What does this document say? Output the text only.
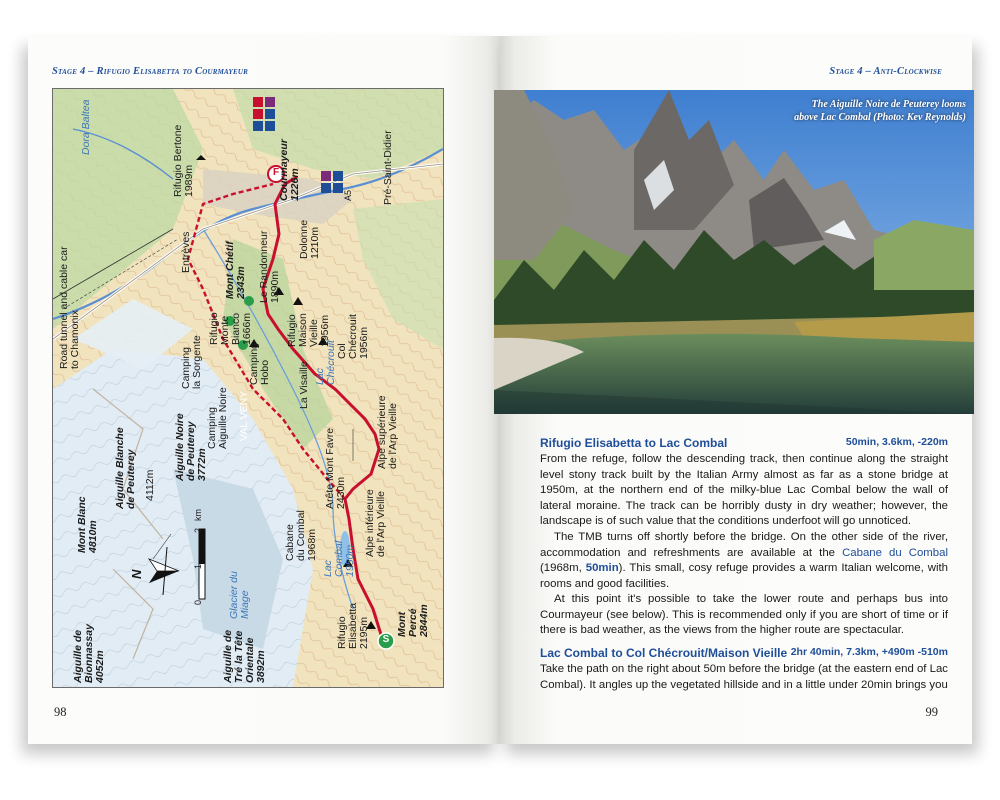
Stage 4 – Rifugio Elisabetta to Courmayeur
Dora Baltea
Rifugio Bertone
1989m	Courmayeur
1226m
Dolonne
1210m
Pré-Saint-Didier
Entrèves
Mont Chétif
2343m Le Randonneur
1890m
Road tunnel and cable car
to Chamonix	Rifugio
Monte
Bianco
1666m	Rifugio
Maison
Vieille
1956m
Col
Chécrouit
1956m
Lac
Chécrouit
Camping
la Sorgente	Camping
Hobo
Camping
Aiguille Noire VAL VENY
La Visaille
Alpe supérieure
de l'Arp Vieille
Arête Mont Favre
2430m
Aiguille Noire
de Peuterey
3772m
Aiguille Blanche
de Peuterey 4112m
Mont Blanc
4810m	Cabane
du Combal
1968m
Lac
Combal
1950m Alpe inférieure
de l'Arp Vieille
Glacier du
Miage
Mont
Percé
2844m
Rifugio
Elisabetta
2195m
Aiguille de
Bionnassay
4052m	Aiguille de
Tré la Tête
Orientale
3892m
A5
0
1
2
km
N
S
F
98
Stage 4 – Anti-Clockwise
The Aiguille Noire de Peuterey looms
above Lac Combal (Photo: Kev Reynolds)
Rifugio Elisabetta to Lac Combal	50min, 3.6km, -220m

From the refuge, follow the descending track, then continue along the straight level stony track built by the Italian Army almost as far as a stone bridge at 1950m, at the northern end of the milky-blue Lac Combal below the wall of lateral moraine. The track can be horribly dusty in dry weather; however, the landscape is of such value that the conditions underfoot will go unnoticed.

The TMB turns off shortly before the bridge. On the other side of the river, accommodation and refreshments are available at the Cabane du Combal (1968m, 50min). This small, cosy refuge provides a warm Italian welcome, with rooms and good facilities.

At this point it's possible to take the lower route and perhaps bus into Courmayeur (see below). This is recommended only if you are short of time or if there is bad weather, as the views from the higher route are spectacular.

Lac Combal to Col Chécrouit/Maison Vieille 2hr 40min, 7.3km, +490m -510m

Take the path on the right about 50m before the bridge (at the eastern end of Lac Combal). It angles up the vegetated hillside and in a little under 20min brings you

99
